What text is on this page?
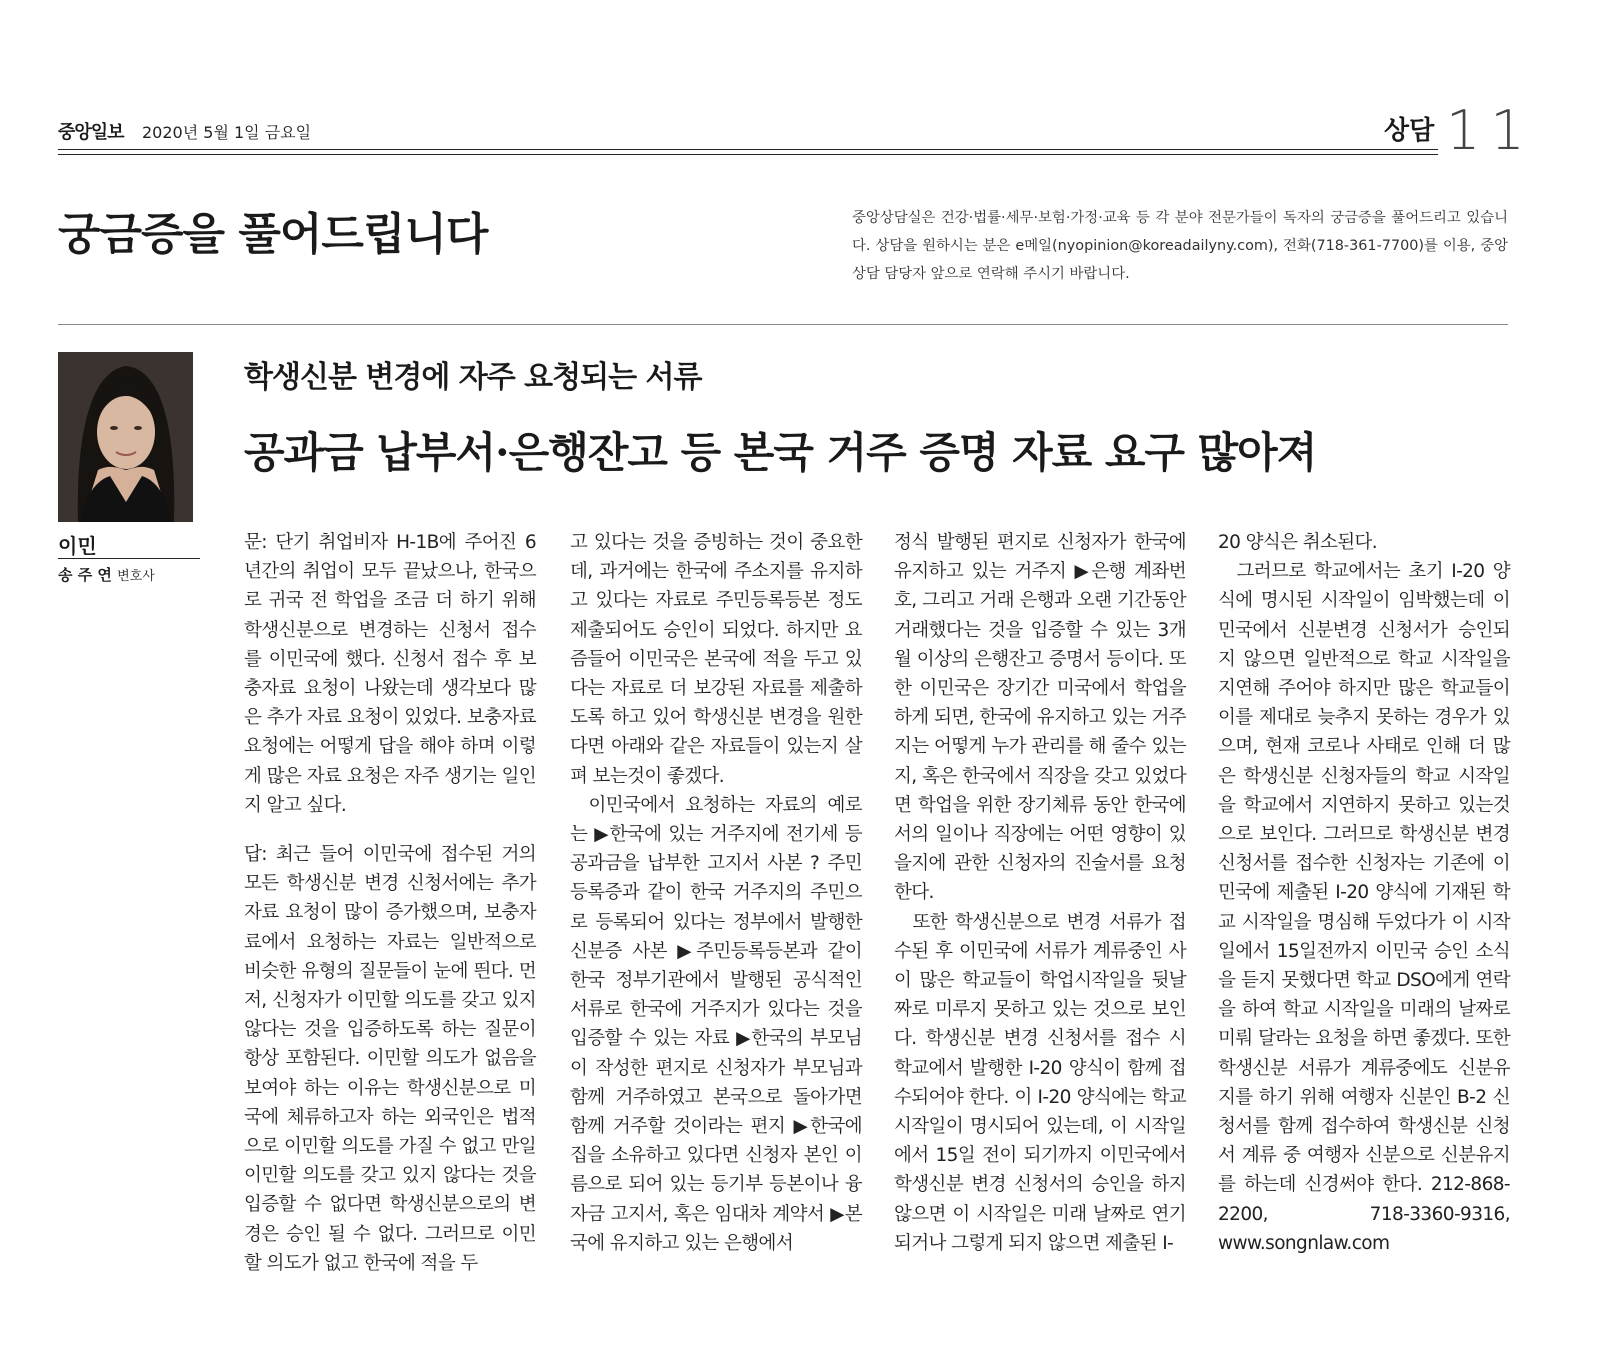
중앙일보 2020년 5월 1일 금요일	상담 11
궁금증을 풀어드립니다	중앙상담실은 건강·법률·세무·보험·가정·교육 등 각 분야 전문가들이 독자의 궁금증을 풀어드리고 있습니다. 상담을 원하시는 분은 e메일(nyopinion@koreadailyny.com), 전화(718-361-7700)를 이용, 중앙상담 담당자 앞으로 연락해 주시기 바랍니다.
이민
송 주 연 변호사
학생신분 변경에 자주 요청되는 서류
공과금 납부서·은행잔고 등 본국 거주 증명 자료 요구 많아져

문: 단기 취업비자 H-1B에 주어진 6년간의 취업이 모두 끝났으나, 한국으로 귀국 전 학업을 조금 더 하기 위해 학생신분으로 변경하는 신청서 접수를 이민국에 했다. 신청서 접수 후 보충자료 요청이 나왔는데 생각보다 많은 추가 자료 요청이 있었다. 보충자료 요청에는 어떻게 답을 해야 하며 이렇게 많은 자료 요청은 자주 생기는 일인지 알고 싶다.

답: 최근 들어 이민국에 접수된 거의 모든 학생신분 변경 신청서에는 추가 자료 요청이 많이 증가했으며, 보충자료에서 요청하는 자료는 일반적으로 비슷한 유형의 질문들이 눈에 띈다. 먼저, 신청자가 이민할 의도를 갖고 있지 않다는 것을 입증하도록 하는 질문이 항상 포함된다. 이민할 의도가 없음을 보여야 하는 이유는 학생신분으로 미국에 체류하고자 하는 외국인은 법적으로 이민할 의도를 가질 수 없고 만일 이민할 의도를 갖고 있지 않다는 것을 입증할 수 없다면 학생신분으로의 변경은 승인 될 수 없다. 그러므로 이민할 의도가 없고 한국에 적을 두

고 있다는 것을 증빙하는 것이 중요한데, 과거에는 한국에 주소지를 유지하고 있다는 자료로 주민등록등본 정도 제출되어도 승인이 되었다. 하지만 요즘들어 이민국은 본국에 적을 두고 있다는 자료로 더 보강된 자료를 제출하도록 하고 있어 학생신분 변경을 원한다면 아래와 같은 자료들이 있는지 살펴 보는것이 좋겠다.

이민국에서 요청하는 자료의 예로는 ▶한국에 있는 거주지에 전기세 등 공과금을 납부한 고지서 사본 ? 주민등록증과 같이 한국 거주지의 주민으로 등록되어 있다는 정부에서 발행한 신분증 사본 ▶주민등록등본과 같이 한국 정부기관에서 발행된 공식적인 서류로 한국에 거주지가 있다는 것을 입증할 수 있는 자료 ▶한국의 부모님이 작성한 편지로 신청자가 부모님과 함께 거주하였고 본국으로 돌아가면 함께 거주할 것이라는 편지 ▶한국에 집을 소유하고 있다면 신청자 본인 이름으로 되어 있는 등기부 등본이나 융자금 고지서, 혹은 임대차 계약서 ▶본국에 유지하고 있는 은행에서

정식 발행된 편지로 신청자가 한국에 유지하고 있는 거주지 ▶은행 계좌번호, 그리고 거래 은행과 오랜 기간동안 거래했다는 것을 입증할 수 있는 3개월 이상의 은행잔고 증명서 등이다. 또한 이민국은 장기간 미국에서 학업을 하게 되면, 한국에 유지하고 있는 거주지는 어떻게 누가 관리를 해 줄수 있는지, 혹은 한국에서 직장을 갖고 있었다면 학업을 위한 장기체류 동안 한국에서의 일이나 직장에는 어떤 영향이 있을지에 관한 신청자의 진술서를 요청한다.

또한 학생신분으로 변경 서류가 접수된 후 이민국에 서류가 계류중인 사이 많은 학교들이 학업시작일을 뒷날짜로 미루지 못하고 있는 것으로 보인다. 학생신분 변경 신청서를 접수 시 학교에서 발행한 I-20 양식이 함께 접수되어야 한다. 이 I-20 양식에는 학교 시작일이 명시되어 있는데, 이 시작일에서 15일 전이 되기까지 이민국에서 학생신분 변경 신청서의 승인을 하지 않으면 이 시작일은 미래 날짜로 연기되거나 그렇게 되지 않으면 제출된 I-

20 양식은 취소된다.

그러므로 학교에서는 초기 I-20 양식에 명시된 시작일이 임박했는데 이민국에서 신분변경 신청서가 승인되지 않으면 일반적으로 학교 시작일을 지연해 주어야 하지만 많은 학교들이 이를 제대로 늦추지 못하는 경우가 있으며, 현재 코로나 사태로 인해 더 많은 학생신분 신청자들의 학교 시작일을 학교에서 지연하지 못하고 있는것으로 보인다. 그러므로 학생신분 변경 신청서를 접수한 신청자는 기존에 이민국에 제출된 I-20 양식에 기재된 학교 시작일을 명심해 두었다가 이 시작일에서 15일전까지 이민국 승인 소식을 듣지 못했다면 학교 DSO에게 연락을 하여 학교 시작일을 미래의 날짜로 미뤄 달라는 요청을 하면 좋겠다. 또한 학생신분 서류가 계류중에도 신분유지를 하기 위해 여행자 신분인 B-2 신청서를 함께 접수하여 학생신분 신청서 계류 중 여행자 신분으로 신분유지를 하는데 신경써야 한다. 212-868-2200, 718-3360-9316, www.songnlaw.com
